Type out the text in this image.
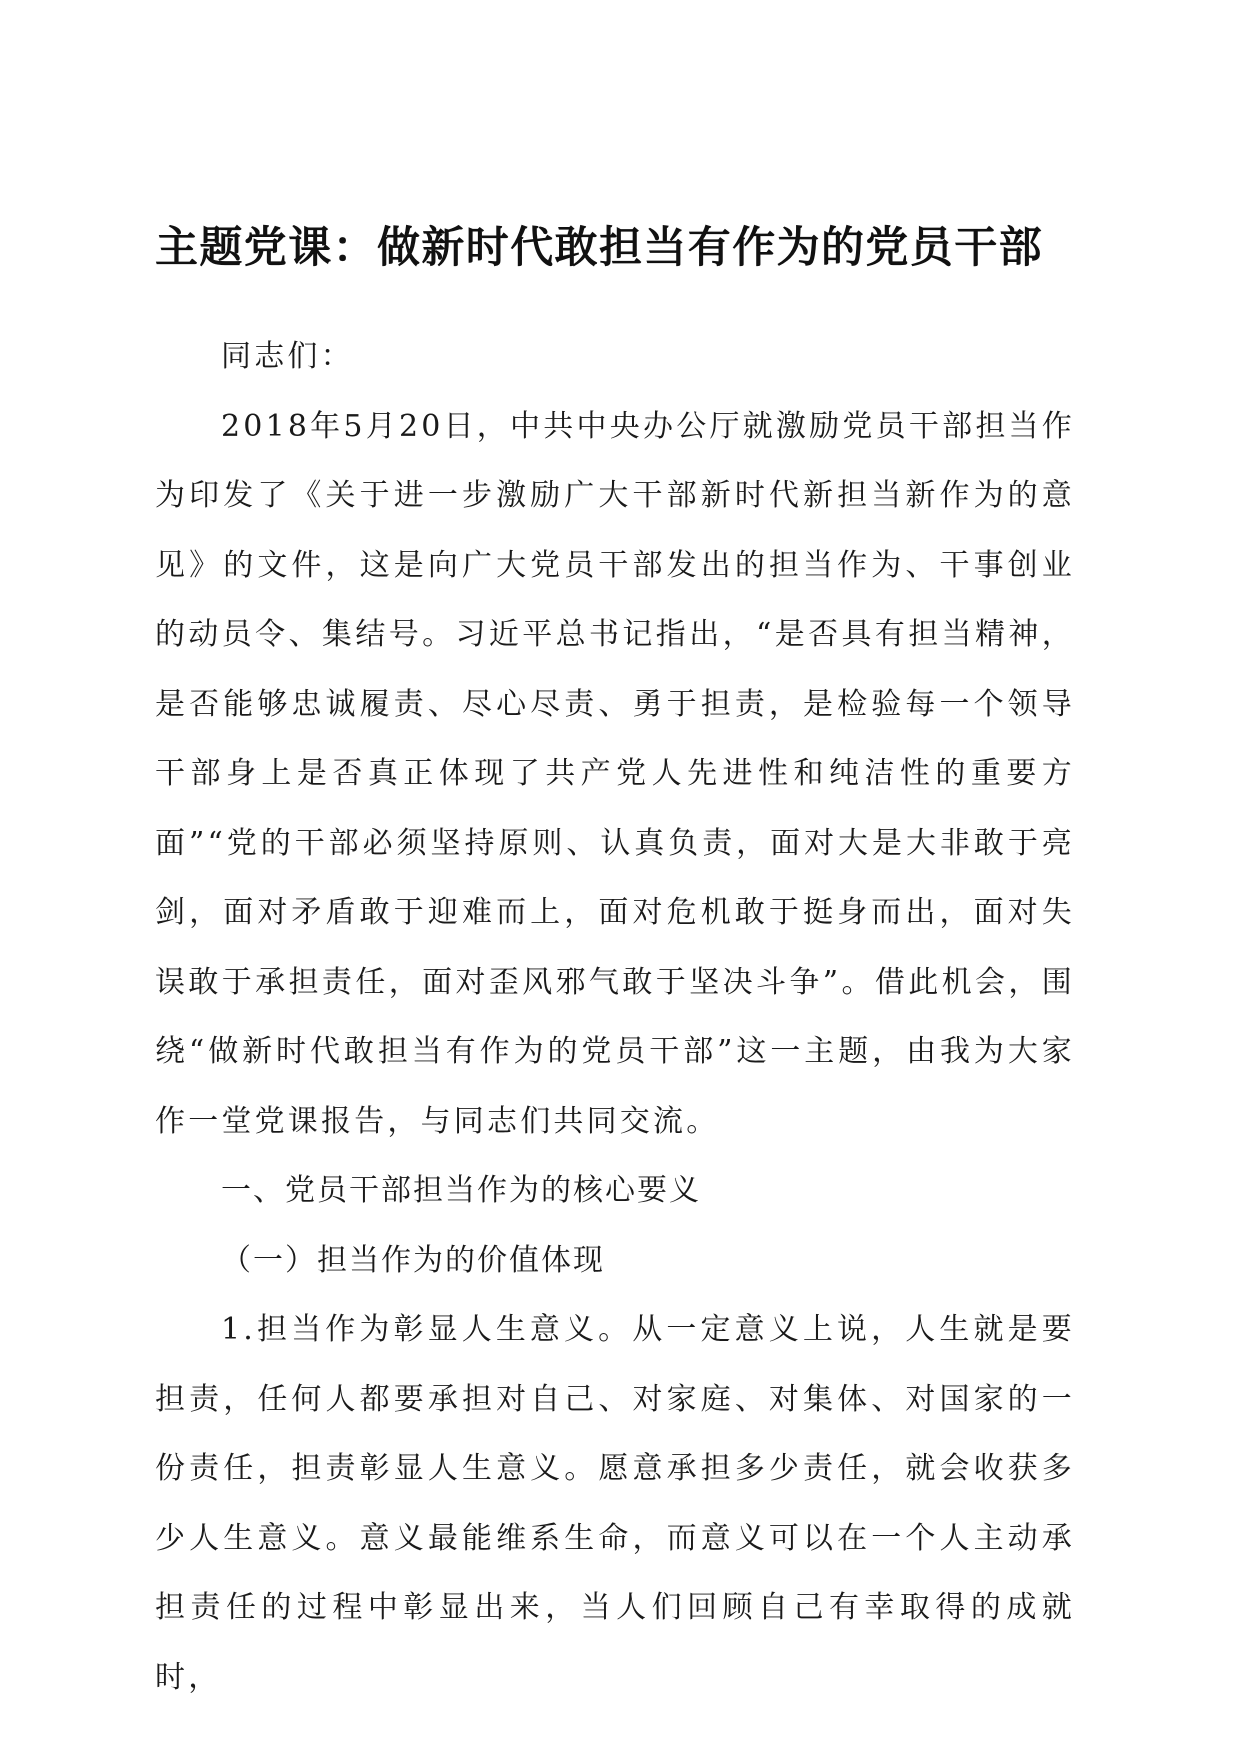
主题党课：做新时代敢担当有作为的党员干部

同志们：

2018年5月20日，中共中央办公厅就激励党员干部担当作为印发了《关于进一步激励广大干部新时代新担当新作为的意见》的文件，这是向广大党员干部发出的担当作为、干事创业的动员令、集结号。习近平总书记指出，“是否具有担当精神，是否能够忠诚履责、尽心尽责、勇于担责，是检验每一个领导干部身上是否真正体现了共产党人先进性和纯洁性的重要方面”“党的干部必须坚持原则、认真负责，面对大是大非敢于亮剑，面对矛盾敢于迎难而上，面对危机敢于挺身而出，面对失误敢于承担责任，面对歪风邪气敢于坚决斗争”。借此机会，围绕“做新时代敢担当有作为的党员干部”这一主题，由我为大家作一堂党课报告，与同志们共同交流。

一、党员干部担当作为的核心要义

（一）担当作为的价值体现

1.担当作为彰显人生意义。从一定意义上说，人生就是要担责，任何人都要承担对自己、对家庭、对集体、对国家的一份责任，担责彰显人生意义。愿意承担多少责任，就会收获多少人生意义。意义最能维系生命，而意义可以在一个人主动承担责任的过程中彰显出来，当人们回顾自己有幸取得的成就时，
